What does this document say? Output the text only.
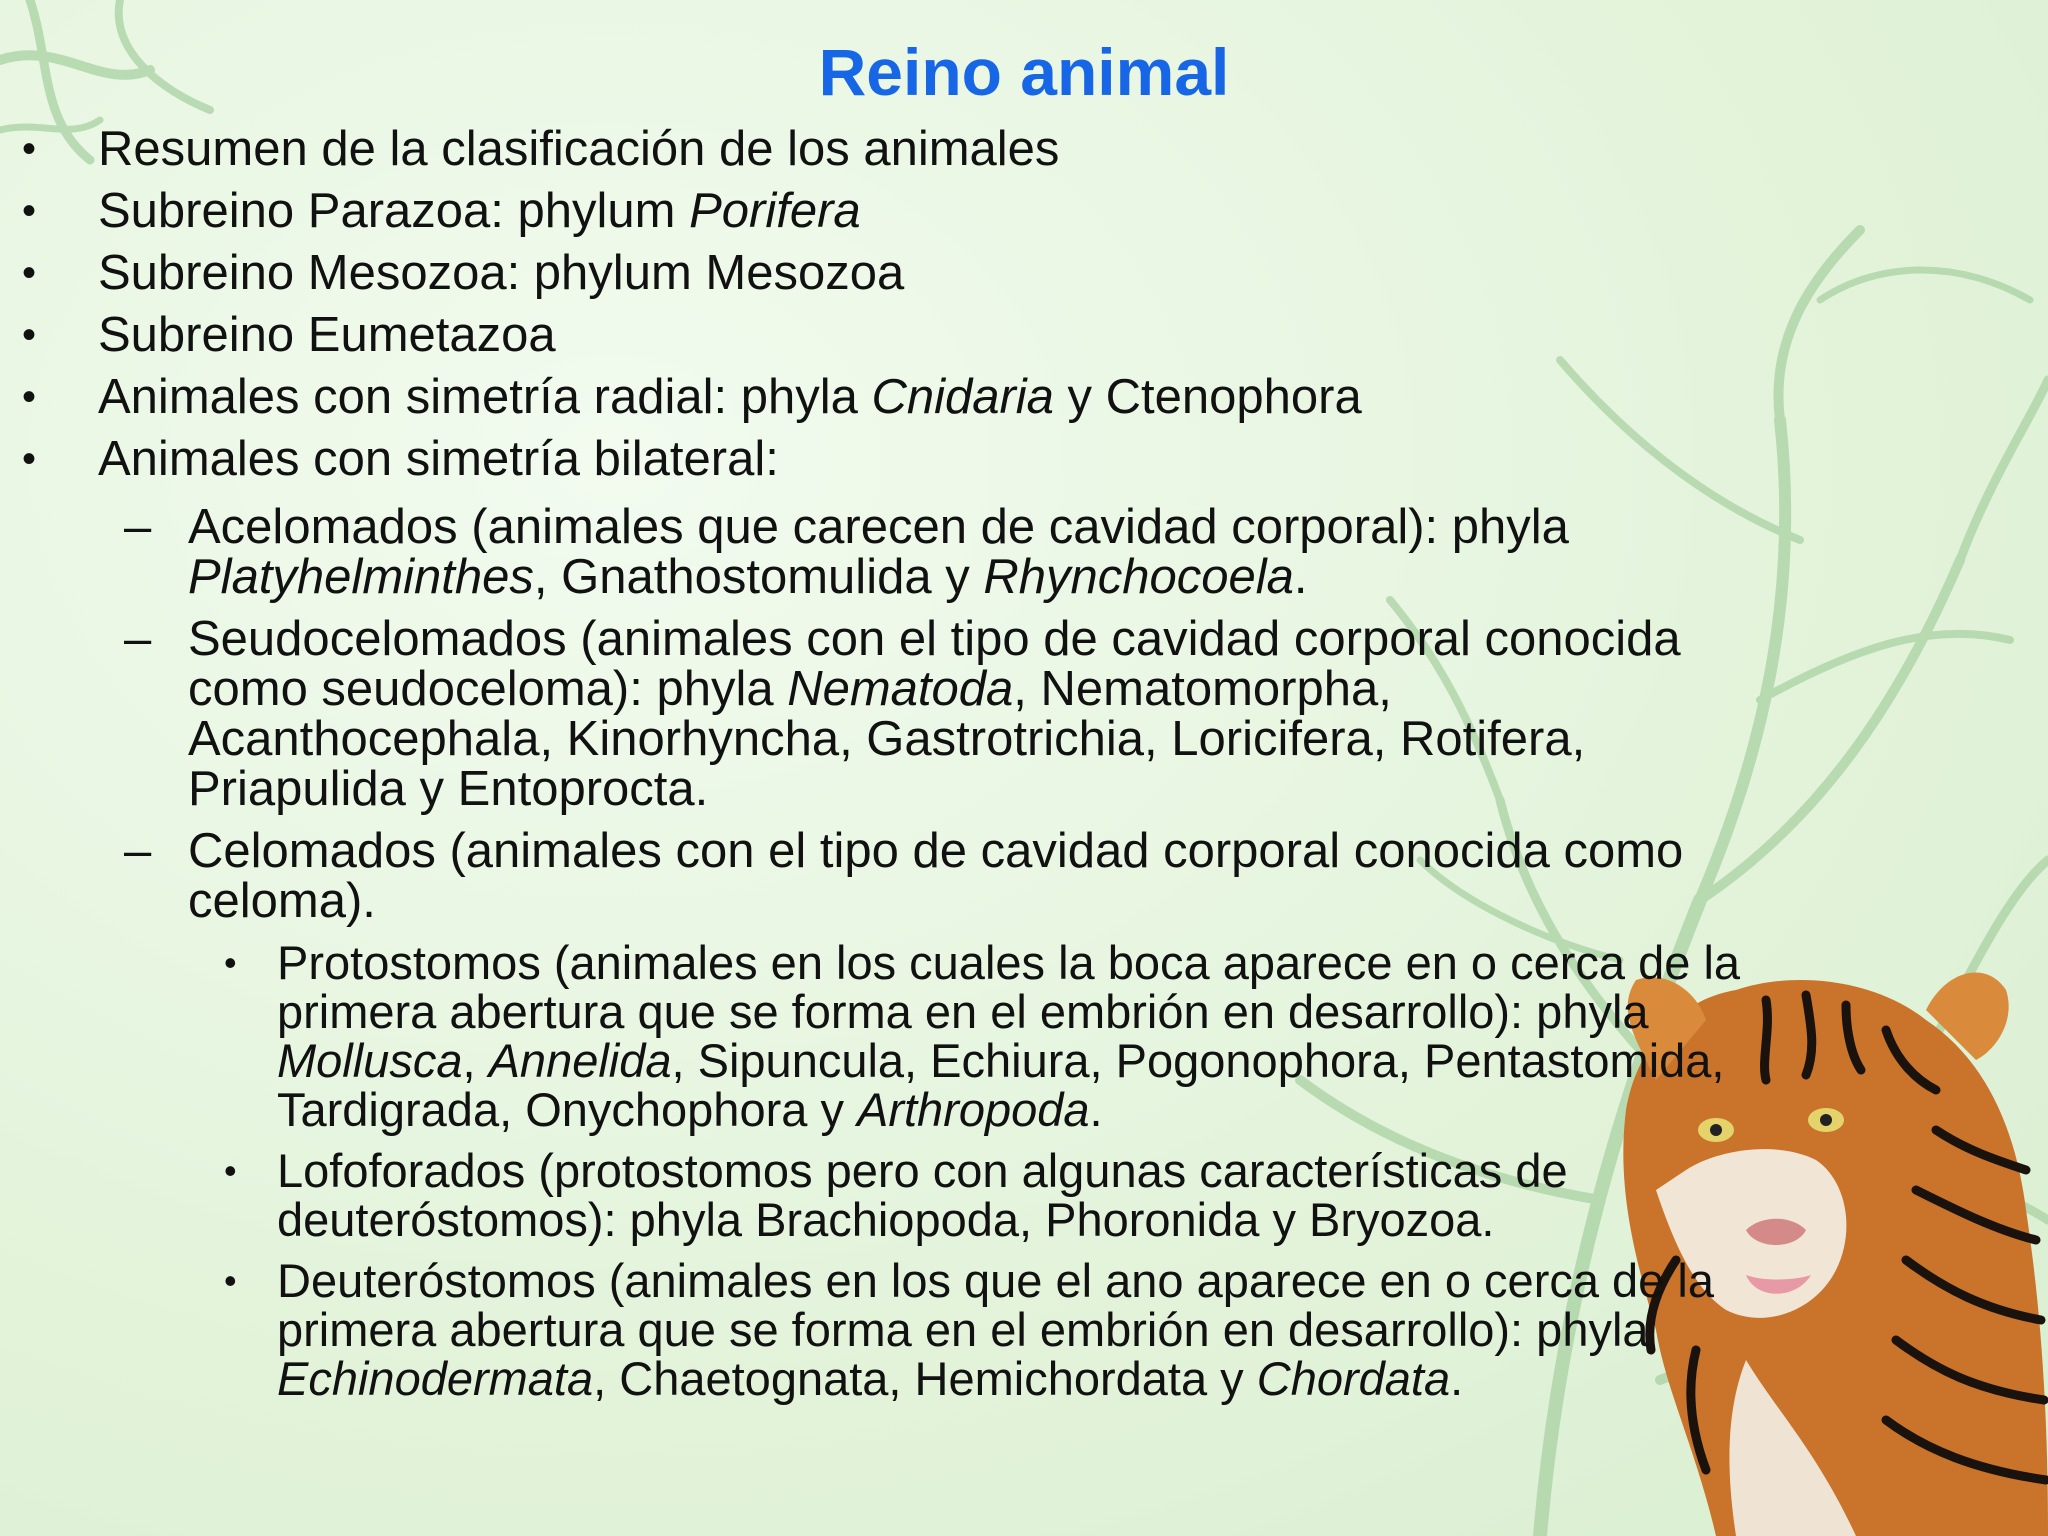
Reino animal
• Resumen de la clasificación de los animales
• Subreino Parazoa: phylum Porifera
• Subreino Mesozoa: phylum Mesozoa
• Subreino Eumetazoa
• Animales con simetría radial: phyla Cnidaria y Ctenophora
• Animales con simetría bilateral:
– Acelomados (animales que carecen de cavidad corporal): phyla Platyhelminthes, Gnathostomulida y Rhynchocoela.
– Seudocelomados (animales con el tipo de cavidad corporal conocida como seudoceloma): phyla Nematoda, Nematomorpha, Acanthocephala, Kinorhyncha, Gastrotrichia, Loricifera, Rotifera, Priapulida y Entoprocta.
– Celomados (animales con el tipo de cavidad corporal conocida como celoma).
• Protostomos (animales en los cuales la boca aparece en o cerca de la primera abertura que se forma en el embrión en desarrollo): phyla Mollusca, Annelida, Sipuncula, Echiura, Pogonophora, Pentastomida, Tardigrada, Onychophora y Arthropoda.
• Lofoforados (protostomos pero con algunas características de deuteróstomos): phyla Brachiopoda, Phoronida y Bryozoa.
• Deuteróstomos (animales en los que el ano aparece en o cerca de la primera abertura que se forma en el embrión en desarrollo): phyla Echinodermata, Chaetognata, Hemichordata y Chordata.
